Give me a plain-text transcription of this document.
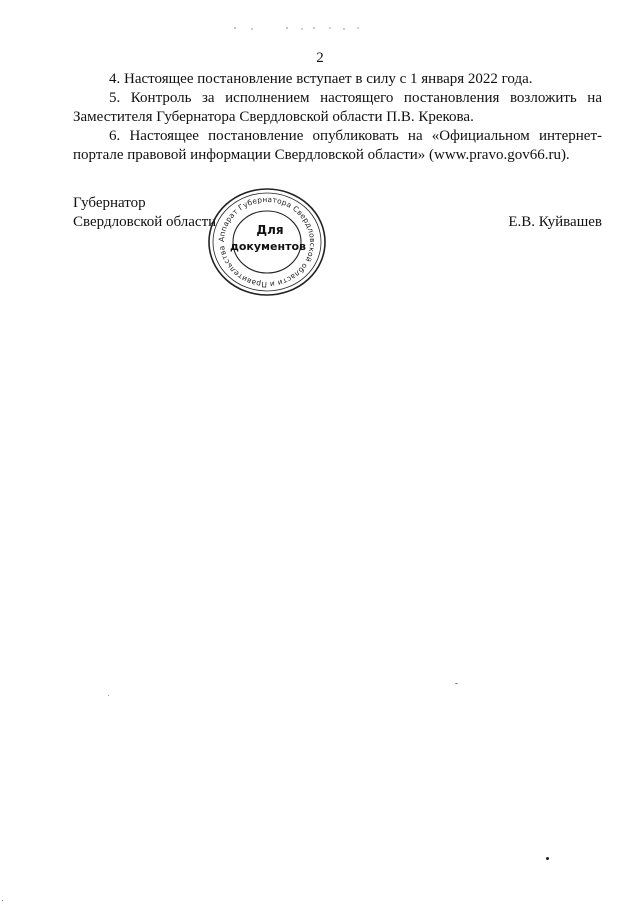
2

4. Настоящее постановление вступает в силу с 1 января 2022 года.

5. Контроль за исполнением настоящего постановления возложить на Заместителя Губернатора Свердловской области П.В. Крекова.

6. Настоящее постановление опубликовать на «Официальном интернет-портале правовой информации Свердловской области» (www.pravo.gov66.ru).

Губернатор
Свердловской области	Е.В. Куйвашев
Аппарат Губернатора Свердловской области и Правительства
Для
документов
